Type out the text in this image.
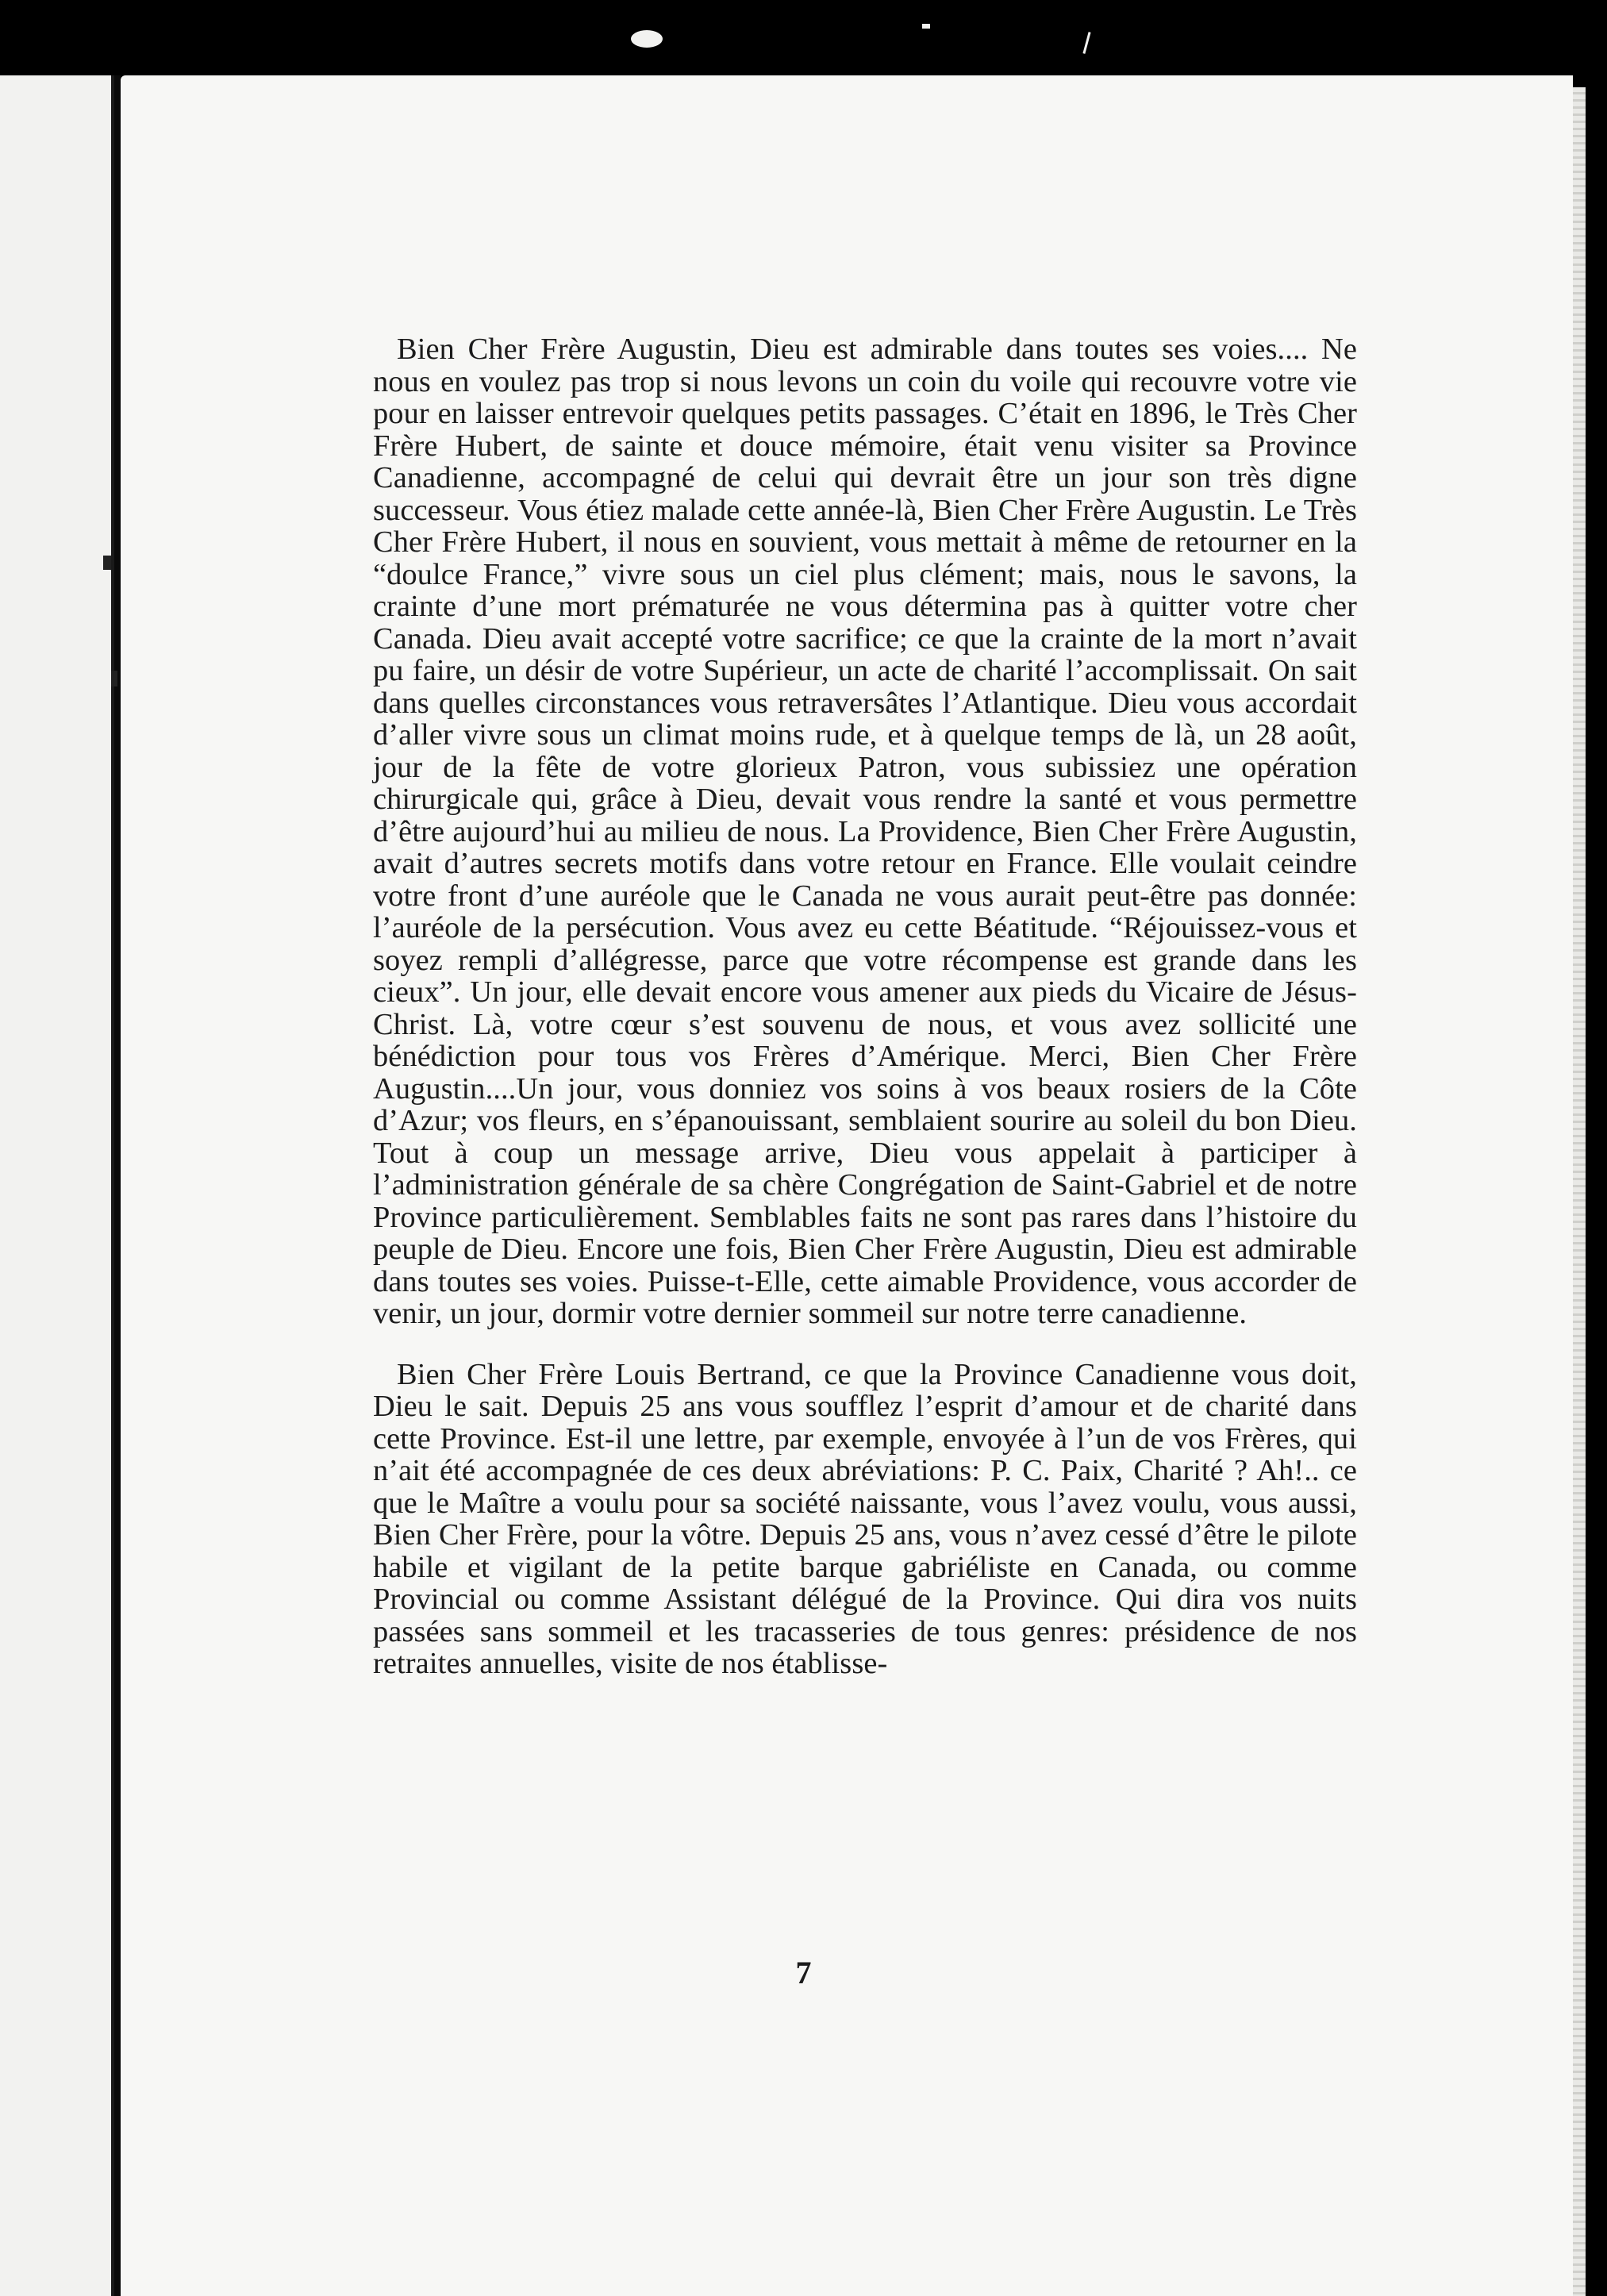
Bien Cher Frère Augustin, Dieu est admirable dans toutes ses voies.... Ne nous en voulez pas trop si nous levons un coin du voile qui recouvre votre vie pour en laisser entrevoir quelques petits passages. C’était en 1896, le Très Cher Frère Hubert, de sainte et douce mémoire, était venu visiter sa Province Canadienne, accompagné de celui qui devrait être un jour son très digne successeur. Vous étiez malade cette année-là, Bien Cher Frère Augustin. Le Très Cher Frère Hubert, il nous en souvient, vous mettait à même de retourner en la “doulce France,” vivre sous un ciel plus clément; mais, nous le savons, la crainte d’une mort prématurée ne vous détermina pas à quitter votre cher Canada. Dieu avait accepté votre sacrifice; ce que la crainte de la mort n’avait pu faire, un désir de votre Supérieur, un acte de charité l’accomplissait. On sait dans quelles circonstances vous retraversâtes l’Atlantique. Dieu vous accordait d’aller vivre sous un climat moins rude, et à quelque temps de là, un 28 août, jour de la fête de votre glorieux Patron, vous subissiez une opération chirurgicale qui, grâce à Dieu, devait vous rendre la santé et vous permettre d’être aujourd’hui au milieu de nous. La Providence, Bien Cher Frère Augustin, avait d’autres secrets motifs dans votre retour en France. Elle voulait ceindre votre front d’une auréole que le Canada ne vous aurait peut-être pas donnée: l’auréole de la persécution. Vous avez eu cette Béatitude. “Réjouissez-vous et soyez rempli d’allégresse, parce que votre récompense est grande dans les cieux”. Un jour, elle devait encore vous amener aux pieds du Vicaire de Jésus-Christ. Là, votre cœur s’est souvenu de nous, et vous avez sollicité une bénédiction pour tous vos Frères d’Amérique. Merci, Bien Cher Frère Augustin....Un jour, vous donniez vos soins à vos beaux rosiers de la Côte d’Azur; vos fleurs, en s’épanouissant, semblaient sourire au soleil du bon Dieu. Tout à coup un message arrive, Dieu vous appelait à participer à l’administration générale de sa chère Congrégation de Saint-Gabriel et de notre Province particulièrement. Semblables faits ne sont pas rares dans l’histoire du peuple de Dieu. Encore une fois, Bien Cher Frère Augustin, Dieu est admirable dans toutes ses voies. Puisse-t-Elle, cette aimable Providence, vous accorder de venir, un jour, dormir votre dernier sommeil sur notre terre canadienne.

Bien Cher Frère Louis Bertrand, ce que la Province Canadienne vous doit, Dieu le sait. Depuis 25 ans vous soufflez l’esprit d’amour et de charité dans cette Province. Est-il une lettre, par exemple, envoyée à l’un de vos Frères, qui n’ait été accompagnée de ces deux abréviations: P. C. Paix, Charité ? Ah!.. ce que le Maître a voulu pour sa société naissante, vous l’avez voulu, vous aussi, Bien Cher Frère, pour la vôtre. Depuis 25 ans, vous n’avez cessé d’être le pilote habile et vigilant de la petite barque gabriéliste en Canada, ou comme Provincial ou comme Assistant délégué de la Province. Qui dira vos nuits passées sans sommeil et les tracasseries de tous genres: présidence de nos retraites annuelles, visite de nos établisse-

7
